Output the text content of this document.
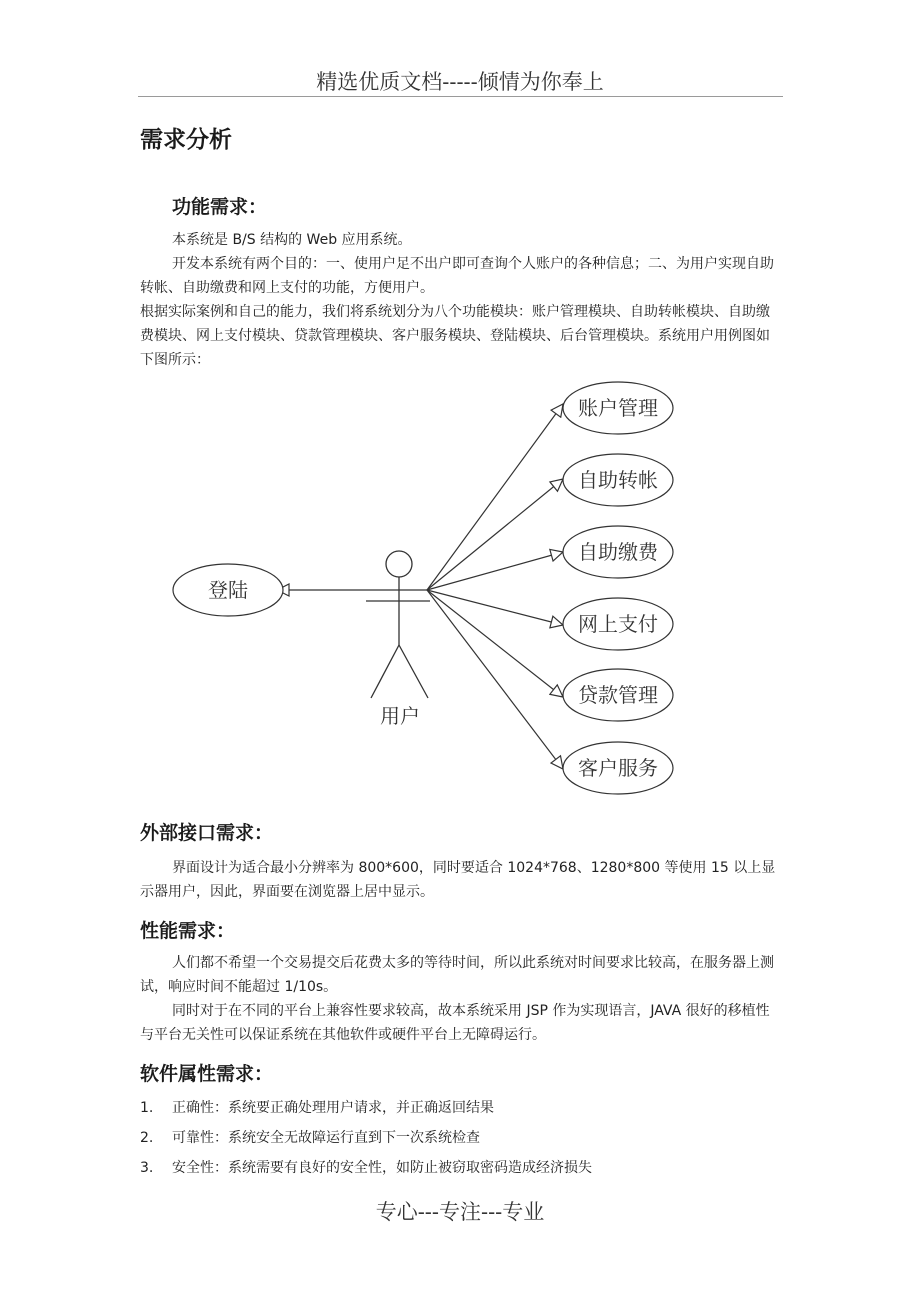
精选优质文档-----倾情为你奉上
需求分析
功能需求：

本系统是 B/S 结构的 Web 应用系统。

开发本系统有两个目的：一、使用户足不出户即可查询个人账户的各种信息；二、为用户实现自助转帐、自助缴费和网上支付的功能，方便用户。

根据实际案例和自己的能力，我们将系统划分为八个功能模块：账户管理模块、自助转帐模块、自助缴费模块、网上支付模块、贷款管理模块、客户服务模块、登陆模块、后台管理模块。系统用户用例图如下图所示：

用户
登陆
账户管理
自助转帐
自助缴费
网上支付
贷款管理
客户服务
外部接口需求：

界面设计为适合最小分辨率为 800*600，同时要适合 1024*768、1280*800 等使用 15 以上显示器用户，因此，界面要在浏览器上居中显示。

性能需求：

人们都不希望一个交易提交后花费太多的等待时间，所以此系统对时间要求比较高，在服务器上测试，响应时间不能超过 1/10s。

同时对于在不同的平台上兼容性要求较高，故本系统采用 JSP 作为实现语言，JAVA 很好的移植性与平台无关性可以保证系统在其他软件或硬件平台上无障碍运行。

软件属性需求：
1.	正确性：系统要正确处理用户请求，并正确返回结果
2.	可靠性：系统安全无故障运行直到下一次系统检查
3.	安全性：系统需要有良好的安全性，如防止被窃取密码造成经济损失
专心---专注---专业
